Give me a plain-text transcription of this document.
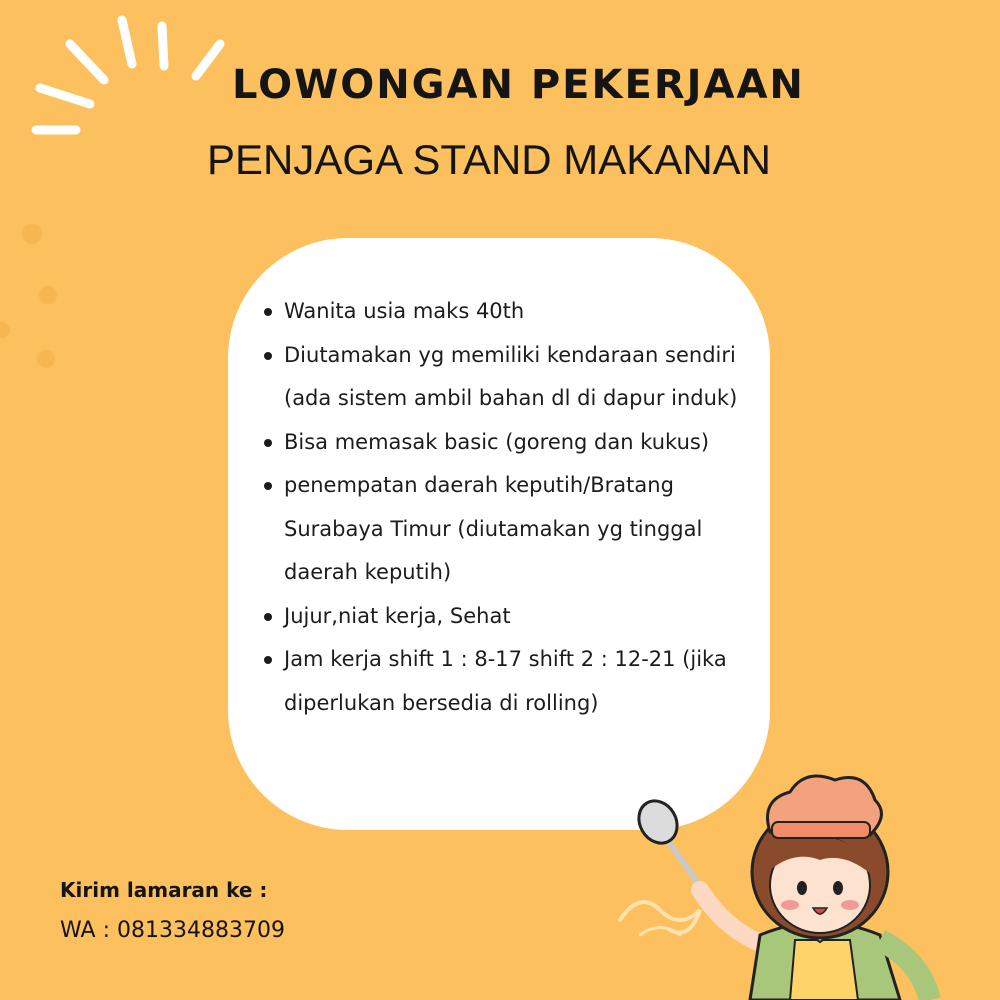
LOWONGAN PEKERJAAN
PENJAGA STAND MAKANAN
Wanita usia maks 40th
Diutamakan yg memiliki kendaraan sendiri (ada sistem ambil bahan dl di dapur induk)
Bisa memasak basic (goreng dan kukus)
penempatan daerah keputih/Bratang Surabaya Timur (diutamakan yg tinggal daerah keputih)
Jujur,niat kerja, Sehat
Jam kerja shift 1 : 8-17 shift 2 : 12-21 (jika diperlukan bersedia di rolling)

Kirim lamaran ke :

WA : 081334883709
